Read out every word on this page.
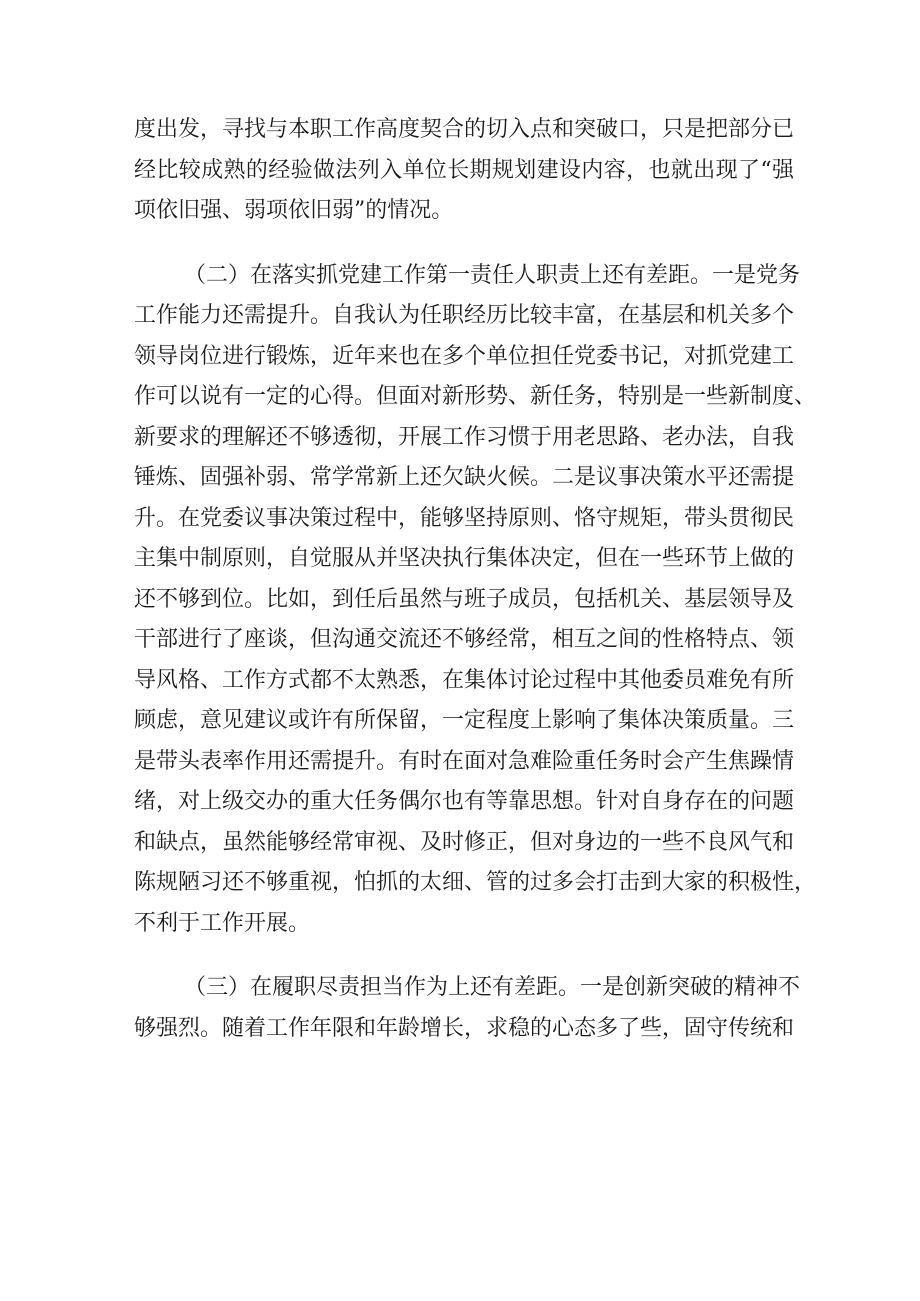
度出发，寻找与本职工作高度契合的切入点和突破口，只是把部分已
经比较成熟的经验做法列入单位长期规划建设内容，也就出现了“强
项依旧强、弱项依旧弱”的情况。
（二）在落实抓党建工作第一责任人职责上还有差距。一是党务
工作能力还需提升。自我认为任职经历比较丰富，在基层和机关多个
领导岗位进行锻炼，近年来也在多个单位担任党委书记，对抓党建工
作可以说有一定的心得。但面对新形势、新任务，特别是一些新制度、
新要求的理解还不够透彻，开展工作习惯于用老思路、老办法，自我
锤炼、固强补弱、常学常新上还欠缺火候。二是议事决策水平还需提
升。在党委议事决策过程中，能够坚持原则、恪守规矩，带头贯彻民
主集中制原则，自觉服从并坚决执行集体决定，但在一些环节上做的
还不够到位。比如，到任后虽然与班子成员，包括机关、基层领导及
干部进行了座谈，但沟通交流还不够经常，相互之间的性格特点、领
导风格、工作方式都不太熟悉，在集体讨论过程中其他委员难免有所
顾虑，意见建议或许有所保留，一定程度上影响了集体决策质量。三
是带头表率作用还需提升。有时在面对急难险重任务时会产生焦躁情
绪，对上级交办的重大任务偶尔也有等靠思想。针对自身存在的问题
和缺点，虽然能够经常审视、及时修正，但对身边的一些不良风气和
陈规陋习还不够重视，怕抓的太细、管的过多会打击到大家的积极性，
不利于工作开展。
（三）在履职尽责担当作为上还有差距。一是创新突破的精神不
够强烈。随着工作年限和年龄增长，求稳的心态多了些，固守传统和
